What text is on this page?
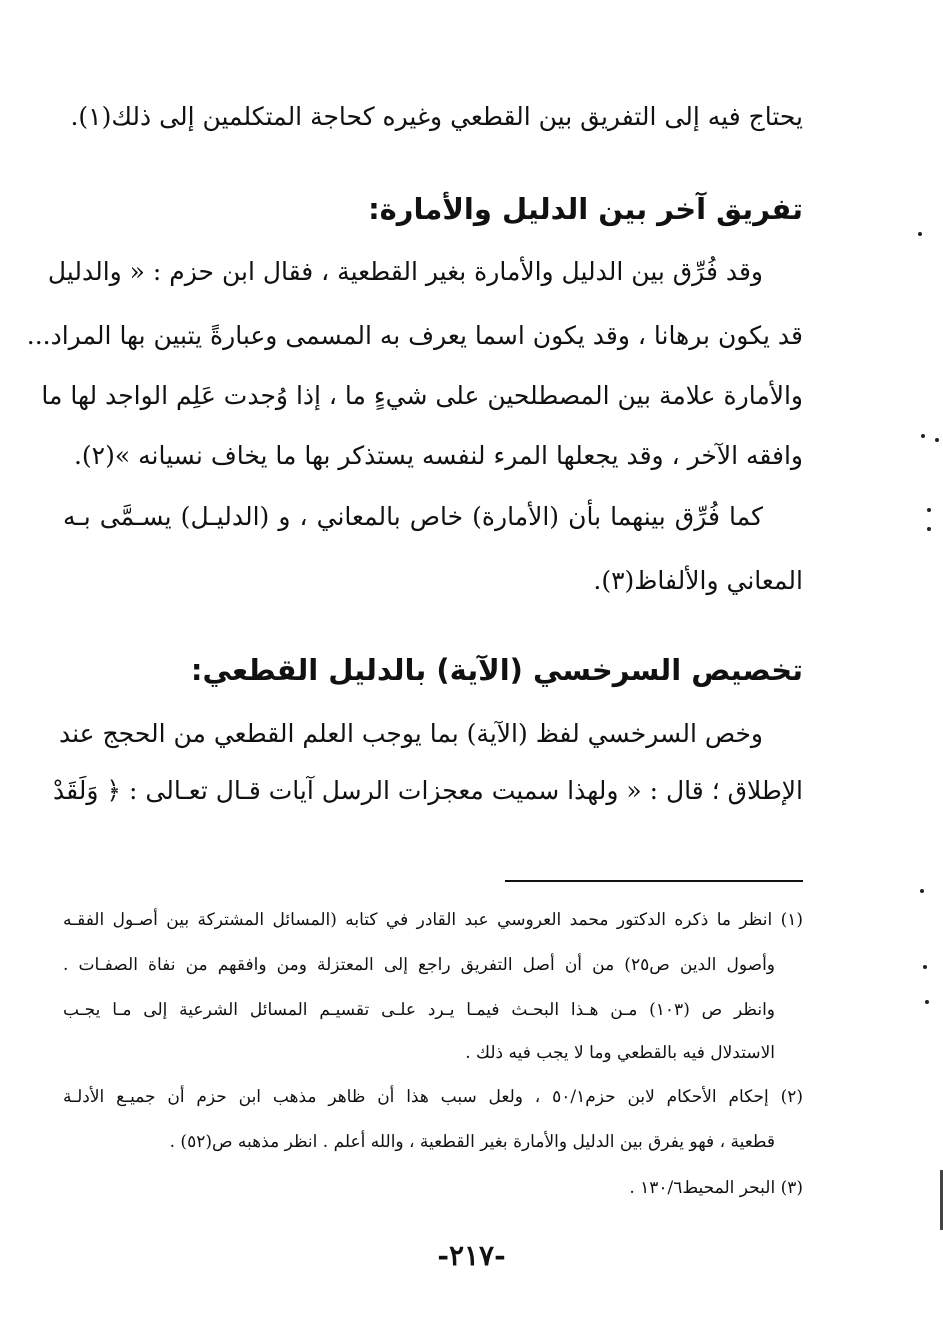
يحتاج فيه إلى التفريق بين القطعي وغيره كحاجة المتكلمين إلى ذلك(١).
تفريق آخر بين الدليل والأمارة:
وقد فُرِّق بين الدليل والأمارة بغير القطعية ، فقال ابن حزم : « والدليل
قد يكون برهانا ، وقد يكون اسما يعرف به المسمى وعبارةً يتبين بها المراد...
والأمارة علامة بين المصطلحين على شيءٍ ما ، إذا وُجدت عَلِم الواجد لها ما
وافقه الآخر ، وقد يجعلها المرء لنفسه يستذكر بها ما يخاف نسيانه »(٢).
كما فُرِّق بينهما بأن (الأمارة) خاص بالمعاني ، و (الدليـل) يسـمَّى بـه
المعاني والألفاظ(٣).
تخصيص السرخسي (الآية) بالدليل القطعي:
وخص السرخسي لفظ (الآية) بما يوجب العلم القطعي من الحجج عند
الإطلاق ؛ قال : « ولهذا سميت معجزات الرسل آيات قـال تعـالى : ﴿ وَلَقَدْ
(١) انظر ما ذكره الدكتور محمد العروسي عبد القادر في كتابه (المسائل المشتركة بين أصـول الفقـه
وأصول الدين ص٢٥) من أن أصل التفريق راجع إلى المعتزلة ومن وافقهم من نفاة الصفـات .
وانظر ص (١٠٣) مـن هـذا البحـث فيمـا يـرد علـى تقسيـم المسائل الشرعية إلى مـا يجـب
الاستدلال فيه بالقطعي وما لا يجب فيه ذلك .
(٢) إحكام الأحكام لابن حزم٥٠/١ ، ولعل سبب هذا أن ظاهر مذهب ابن حزم أن جميـع الأدلـة
قطعية ، فهو يفرق بين الدليل والأمارة بغير القطعية ، والله أعلم . انظر مذهبه ص(٥٢) .
(٣) البحر المحيط١٣٠/٦ .
-٢١٧-
